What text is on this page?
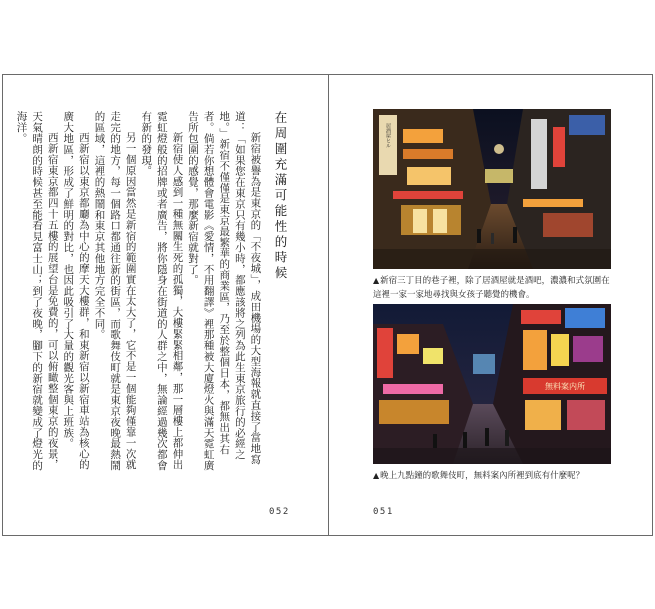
在周圍充滿可能性的時候

新宿被譽為是東京的「不夜城」，成田機場的大型海報就直接了當地寫道：「如果您在東京只有幾小時，都應該將之列為此生東京旅行的必經之地。」新宿不僅僅是東京最繁華的商業區，乃至於整個日本，都無出其右者。倘若你想體會電影《愛情，不用翻譯》裡那種被大廈燈火與滿天霓虹廣告所包圍的感覺，那麼新宿就對了。

新宿使人感到一種無關生死的孤獨，大樓緊緊相鄰，那一層樓上都伸出霓虹燈般的招牌或者廣告，將你隱身在街道的人群之中，無論經過幾次都會有新的發現。

另一個原因當然是新宿的範圍實在太大了，它不是一個能夠僅靠一次就走完的地方，每一個路口都通往新的街區，而歌舞伎町就是東京夜晚最熱鬧的區域，這裡的熱鬧和東京其他地方完全不同。

西新宿以東京都廳為中心的摩天大樓群，和東新宿以新宿車站為核心的廣大地區，形成了鮮明的對比，也因此吸引了大量的觀光客與上班族。

西新宿東京都四十五樓的展望台是免費的，可以俯瞰整個東京的夜景，天氣晴朗的時候甚至能看見富士山；到了夜晚，腳下的新宿就變成了燈光的海洋。

052
居酒屋ヒル
▲新宿三丁目的巷子裡，除了居酒屋就是酒吧，濃濃和式氛圍在這裡一家一家地尋找與女孩子聽覺的機會。
無料案内所
▲晚上九點鐘的歌舞伎町，無料案內所裡到底有什麼呢？
051
